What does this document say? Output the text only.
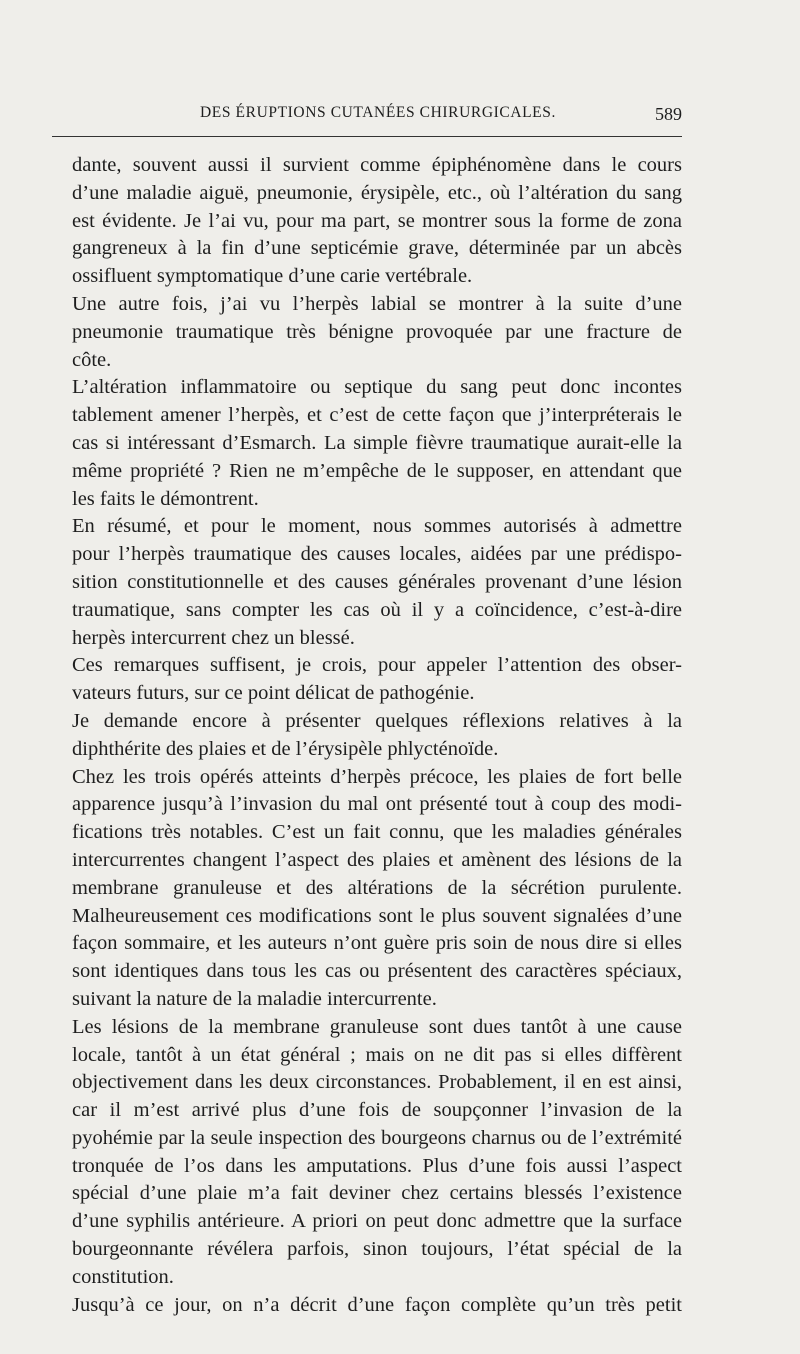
DES ÉRUPTIONS CUTANÉES CHIRURGICALES.	589

dante, souvent aussi il survient comme épiphénomène dans le cours
d’une maladie aiguë, pneumonie, érysipèle, etc., où l’altération du sang
est évidente. Je l’ai vu, pour ma part, se montrer sous la forme de zona
gangreneux à la fin d’une septicémie grave, déterminée par un abcès
ossifluent symptomatique d’une carie vertébrale.

Une autre fois, j’ai vu l’herpès labial se montrer à la suite d’une
pneumonie traumatique très bénigne provoquée par une fracture de
côte.

L’altération inflammatoire ou septique du sang peut donc incontes
tablement amener l’herpès, et c’est de cette façon que j’interpréterais le
cas si intéressant d’Esmarch. La simple fièvre traumatique aurait-elle la
même propriété ? Rien ne m’empêche de le supposer, en attendant que
les faits le démontrent.

En résumé, et pour le moment, nous sommes autorisés à admettre
pour l’herpès traumatique des causes locales, aidées par une prédispo-
sition constitutionnelle et des causes générales provenant d’une lésion
traumatique, sans compter les cas où il y a coïncidence, c’est-à-dire
herpès intercurrent chez un blessé.

Ces remarques suffisent, je crois, pour appeler l’attention des obser-
vateurs futurs, sur ce point délicat de pathogénie.

Je demande encore à présenter quelques réflexions relatives à la
diphthérite des plaies et de l’érysipèle phlycténoïde.

Chez les trois opérés atteints d’herpès précoce, les plaies de fort belle
apparence jusqu’à l’invasion du mal ont présenté tout à coup des modi-
fications très notables. C’est un fait connu, que les maladies générales
intercurrentes changent l’aspect des plaies et amènent des lésions de la
membrane granuleuse et des altérations de la sécrétion purulente.
Malheureusement ces modifications sont le plus souvent signalées d’une
façon sommaire, et les auteurs n’ont guère pris soin de nous dire si elles
sont identiques dans tous les cas ou présentent des caractères spéciaux,
suivant la nature de la maladie intercurrente.

Les lésions de la membrane granuleuse sont dues tantôt à une cause
locale, tantôt à un état général ; mais on ne dit pas si elles diffèrent
objectivement dans les deux circonstances. Probablement, il en est ainsi,
car il m’est arrivé plus d’une fois de soupçonner l’invasion de la
pyohémie par la seule inspection des bourgeons charnus ou de l’extrémité
tronquée de l’os dans les amputations. Plus d’une fois aussi l’aspect
spécial d’une plaie m’a fait deviner chez certains blessés l’existence
d’une syphilis antérieure. A priori on peut donc admettre que la surface
bourgeonnante révélera parfois, sinon toujours, l’état spécial de la
constitution.

Jusqu’à ce jour, on n’a décrit d’une façon complète qu’un très petit
